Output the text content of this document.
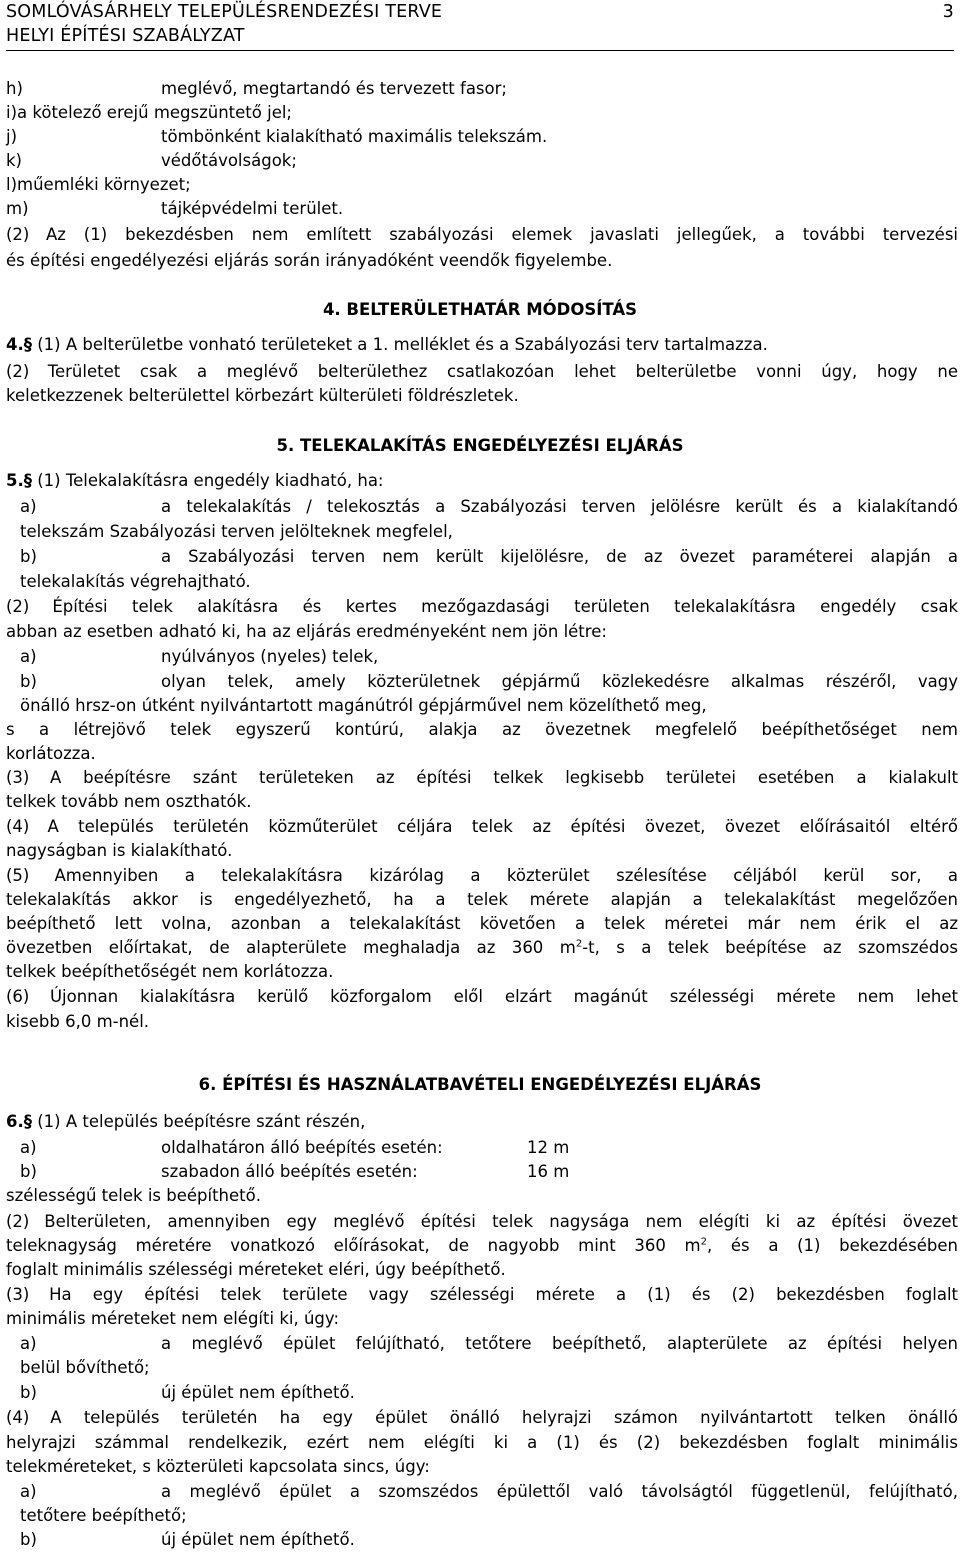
SOMLÓVÁSÁRHELY TELEPÜLÉSRENDEZÉSI TERVE	3
HELYI ÉPÍTÉSI SZABÁLYZAT
h)	meglévő, megtartandó és tervezett fasor;
i)a kötelező erejű megszüntető jel;
j)	tömbönként kialakítható maximális telekszám.
k)	védőtávolságok;
l)műemléki környezet;
m)	tájképvédelmi terület.
(2) Az (1) bekezdésben nem említett szabályozási elemek javaslati jellegűek, a további tervezési
és építési engedélyezési eljárás során irányadóként veendők figyelembe.
4. BELTERÜLETHATÁR MÓDOSÍTÁS
4.§ (1) A belterületbe vonható területeket a 1. melléklet és a Szabályozási terv tartalmazza.
(2) Területet csak a meglévő belterülethez csatlakozóan lehet belterületbe vonni úgy, hogy ne
keletkezzenek belterülettel körbezárt külterületi földrészletek.
5. TELEKALAKÍTÁS ENGEDÉLYEZÉSI ELJÁRÁS
5.§ (1) Telekalakításra engedély kiadható, ha:
a)	a telekalakítás / telekosztás a Szabályozási terven jelölésre került és a kialakítandó
telekszám Szabályozási terven jelölteknek megfelel,
b)	a Szabályozási terven nem került kijelölésre, de az övezet paraméterei alapján a
telekalakítás végrehajtható.
(2) Építési telek alakításra és kertes mezőgazdasági területen telekalakításra engedély csak
abban az esetben adható ki, ha az eljárás eredményeként nem jön létre:
a)	nyúlványos (nyeles) telek,
b)	olyan telek, amely közterületnek gépjármű közlekedésre alkalmas részéről, vagy
önálló hrsz-on útként nyilvántartott magánútról gépjárművel nem közelíthető meg,
s a létrejövő telek egyszerű kontúrú, alakja az övezetnek megfelelő beépíthetőséget nem
korlátozza.
(3) A beépítésre szánt területeken az építési telkek legkisebb területei esetében a kialakult
telkek tovább nem oszthatók.
(4) A település területén közműterület céljára telek az építési övezet, övezet előírásaitól eltérő
nagyságban is kialakítható.
(5) Amennyiben a telekalakításra kizárólag a közterület szélesítése céljából kerül sor, a
telekalakítás akkor is engedélyezhető, ha a telek mérete alapján a telekalakítást megelőzően
beépíthető lett volna, azonban a telekalakítást követően a telek méretei már nem érik el az
övezetben előírtakat, de alapterülete meghaladja az 360 $m^2-t$, s a telek beépítése az szomszédos
telkek beépíthetőségét nem korlátozza.
(6) Újonnan kialakításra kerülő közforgalom elől elzárt magánút szélességi mérete nem lehet
kisebb 6,0 m-nél.
6. ÉPÍTÉSI ÉS HASZNÁLATBAVÉTELI ENGEDÉLYEZÉSI ELJÁRÁS
6.§ (1) A település beépítésre szánt részén,
a)	oldalhatáron álló beépítés esetén:	12 m
b)	szabadon álló beépítés esetén:	16 m
szélességű telek is beépíthető.
(2) Belterületen, amennyiben egy meglévő építési telek nagysága nem elégíti ki az építési övezet
teleknagyság méretére vonatkozó előírásokat, de nagyobb mint 360 $m^2$, és a (1) bekezdésében
foglalt minimális szélességi méreteket eléri, úgy beépíthető.
(3) Ha egy építési telek területe vagy szélességi mérete a (1) és (2) bekezdésben foglalt
minimális méreteket nem elégíti ki, úgy:
a)	a meglévő épület felújítható, tetőtere beépíthető, alapterülete az építési helyen
belül bővíthető;
b)	új épület nem építhető.
(4) A település területén ha egy épület önálló helyrajzi számon nyilvántartott telken önálló
helyrajzi számmal rendelkezik, ezért nem elégíti ki a (1) és (2) bekezdésben foglalt minimális
telekméreteket, s közterületi kapcsolata sincs, úgy:
a)	a meglévő épület a szomszédos épülettől való távolságtól függetlenül, felújítható,
tetőtere beépíthető;
b)	új épület nem építhető.
